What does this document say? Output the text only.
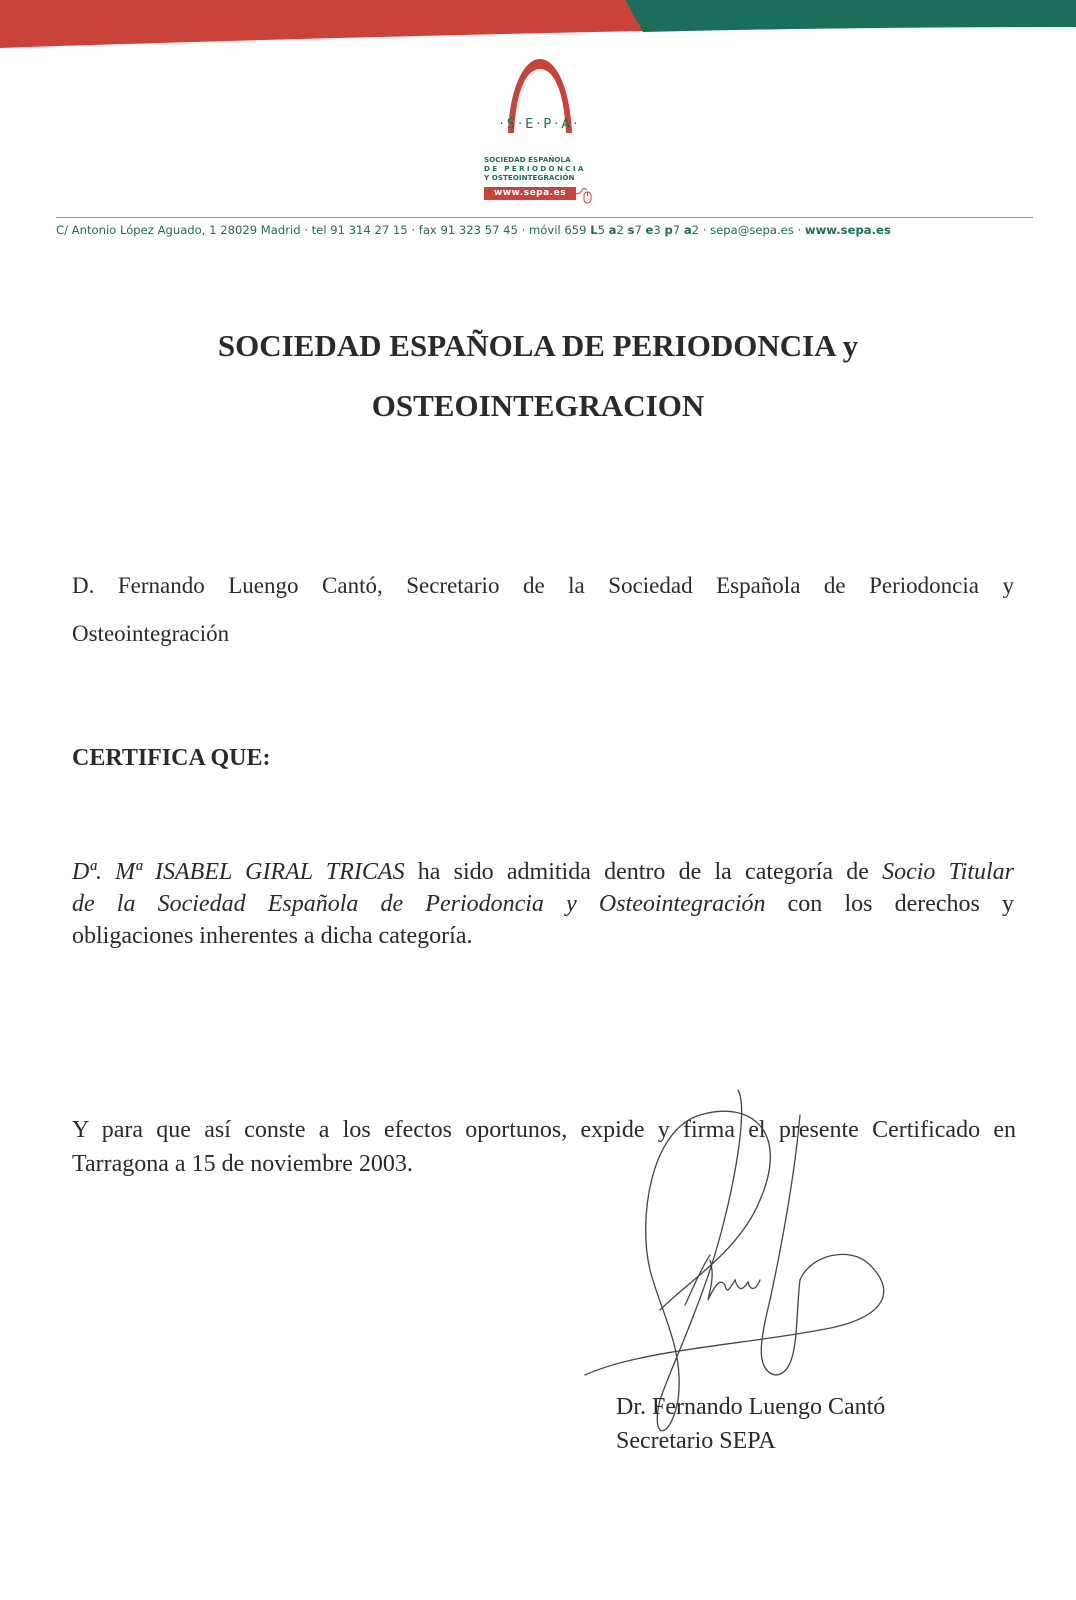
·S·E·P·A·
SOCIEDAD ESPAÑOLA
DE PERIODONCIA
Y OSTEOINTEGRACIÓN
www.sepa.es
C/ Antonio López Aguado, 1 28029 Madrid · tel 91 314 27 15 · fax 91 323 57 45 · móvil 659 L5 a2 s7 e3 p7 a2 · sepa@sepa.es · www.sepa.es
SOCIEDAD ESPAÑOLA DE PERIODONCIA y
OSTEOINTEGRACION
D. Fernando Luengo Cantó, Secretario de la Sociedad Española de Periodoncia y
Osteointegración
CERTIFICA QUE:
Dª. Mª ISABEL GIRAL TRICAS ha sido admitida dentro de la categoría de Socio Titular
de la Sociedad Española de Periodoncia y Osteointegración con los derechos y
obligaciones inherentes a dicha categoría.
Y para que así conste a los efectos oportunos, expide y firma el presente Certificado en
Tarragona a 15 de noviembre 2003.
Dr. Fernando Luengo Cantó
Secretario SEPA
